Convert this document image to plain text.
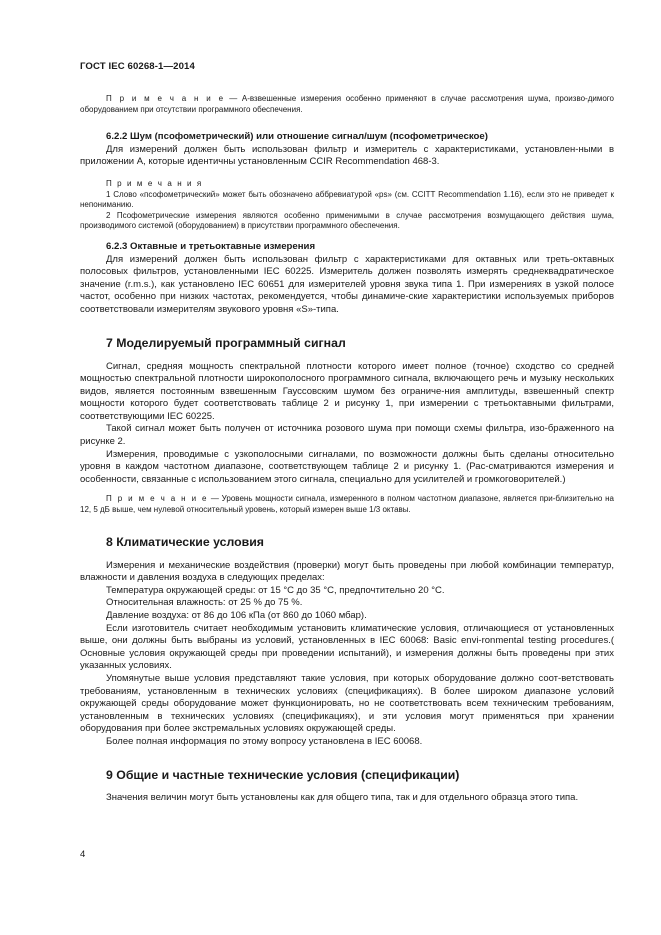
ГОСТ IEC 60268-1—2014

П р и м е ч а н и е — A-взвешенные измерения особенно применяют в случае рассмотрения шума, произво-димого оборудованием при отсутствии программного обеспечения.

6.2.2 Шум (псофометрический) или отношение сигнал/шум (псофометрическое)

Для измерений должен быть использован фильтр и измеритель с характеристиками, установлен-ными в приложении А, которые идентичны установленным CCIR Recommendation 468-3.

П р и м е ч а н и я

1 Слово «псофометрический» может быть обозначено аббревиатурой «ps» (см. CCITT Recommendation 1.16), если это не приведет к непониманию.

2 Псофометрические измерения являются особенно применимыми в случае рассмотрения возмущающего действия шума, производимого системой (оборудованием) в присутствии программного обеспечения.

6.2.3 Октавные и третьоктавные измерения

Для измерений должен быть использован фильтр с характеристиками для октавных или треть-октавных полосовых фильтров, установленными IEC 60225. Измеритель должен позволять измерять среднеквадратическое значение (r.m.s.), как установлено IEC 60651 для измерителей уровня звука типа 1. При измерениях в узкой полосе частот, особенно при низких частотах, рекомендуется, чтобы динамиче-ские характеристики используемых приборов соответствовали измерителям звукового уровня «S»-типа.

7 Моделируемый программный сигнал

Сигнал, средняя мощность спектральной плотности которого имеет полное (точное) сходство со средней мощностью спектральной плотности широкополосного программного сигнала, включающего речь и музыку нескольких видов, является постоянным взвешенным Гауссовским шумом без ограниче-ния амплитуды, взвешенный спектр мощности которого будет соответствовать таблице 2 и рисунку 1, при измерении с третьоктавными фильтрами, соответствующими IEC 60225.

Такой сигнал может быть получен от источника розового шума при помощи схемы фильтра, изо-браженного на рисунке 2.

Измерения, проводимые с узкополосными сигналами, по возможности должны быть сделаны относительно уровня в каждом частотном диапазоне, соответствующем таблице 2 и рисунку 1. (Рас-сматриваются измерения и особенности, связанные с использованием этого сигнала, специально для усилителей и громкоговорителей.)

П р и м е ч а н и е — Уровень мощности сигнала, измеренного в полном частотном диапазоне, является при-близительно на 12, 5 дБ выше, чем нулевой относительный уровень, который измерен выше 1/3 октавы.

8 Климатические условия

Измерения и механические воздействия (проверки) могут быть проведены при любой комбинации температур, влажности и давления воздуха в следующих пределах:

Температура окружающей среды: от 15 °С до 35 °С, предпочтительно 20 °С.

Относительная влажность: от 25 % до 75 %.

Давление воздуха: от 86 до 106 кПа (от 860 до 1060 мбар).

Если изготовитель считает необходимым установить климатические условия, отличающиеся от установленных выше, они должны быть выбраны из условий, установленных в IEC 60068: Basic envi-ronmental testing procedures.( Основные условия окружающей среды при проведении испытаний), и измерения должны быть проведены при этих указанных условиях.

Упомянутые выше условия представляют такие условия, при которых оборудование должно соот-ветствовать требованиям, установленным в технических условиях (спецификациях). В более широком диапазоне условий окружающей среды оборудование может функционировать, но не соответствовать всем техническим требованиям, установленным в технических условиях (спецификациях), и эти условия могут применяться при хранении оборудования при более экстремальных условиях окружающей среды.

Более полная информация по этому вопросу установлена в IEC 60068.

9 Общие и частные технические условия (спецификации)

Значения величин могут быть установлены как для общего типа, так и для отдельного образца этого типа.

4
